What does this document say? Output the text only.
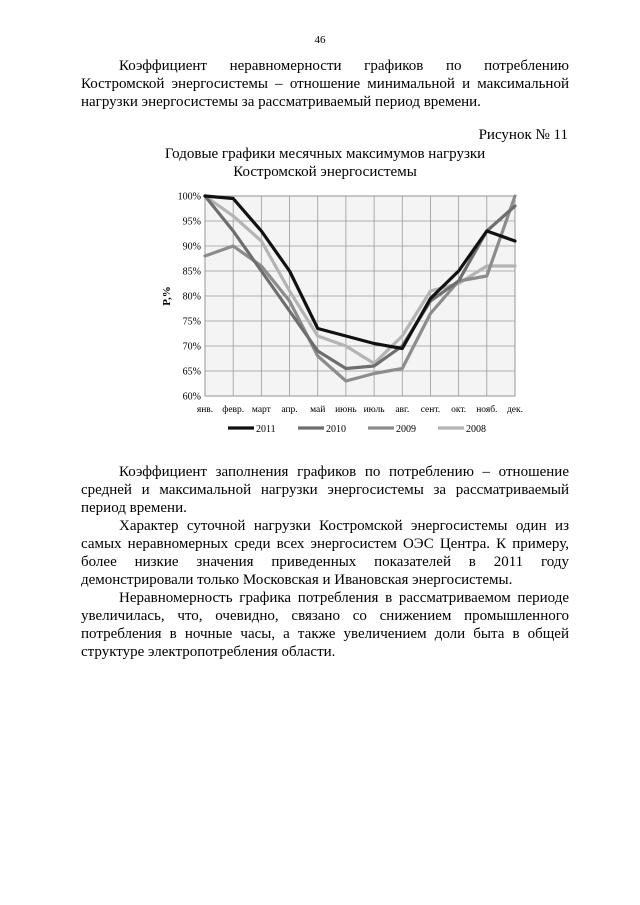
46
Коэффициент неравномерности графиков по потреблению
Костромской энергосистемы – отношение минимальной и максимальной
нагрузки энергосистемы за рассматриваемый период времени.
Рисунок № 11
Годовые графики месячных максимумов нагрузки
Костромской энергосистемы
60%
65%
70%
75%
80%
85%
90%
95%
100%
янв. февр. март апр. май июнь июль авг. сент. окт. нояб. дек.
P,%
2011	2010	2009	2008
Коэффициент заполнения графиков по потреблению – отношение
средней и максимальной нагрузки энергосистемы за рассматриваемый
период времени.
Характер суточной нагрузки Костромской энергосистемы один из
самых неравномерных среди всех энергосистем ОЭС Центра. К примеру,
более низкие значения приведенных показателей в 2011 году
демонстрировали только Московская и Ивановская энергосистемы.
Неравномерность графика потребления в рассматриваемом периоде
увеличилась, что, очевидно, связано со снижением промышленного
потребления в ночные часы, а также увеличением доли быта в общей
структуре электропотребления области.
